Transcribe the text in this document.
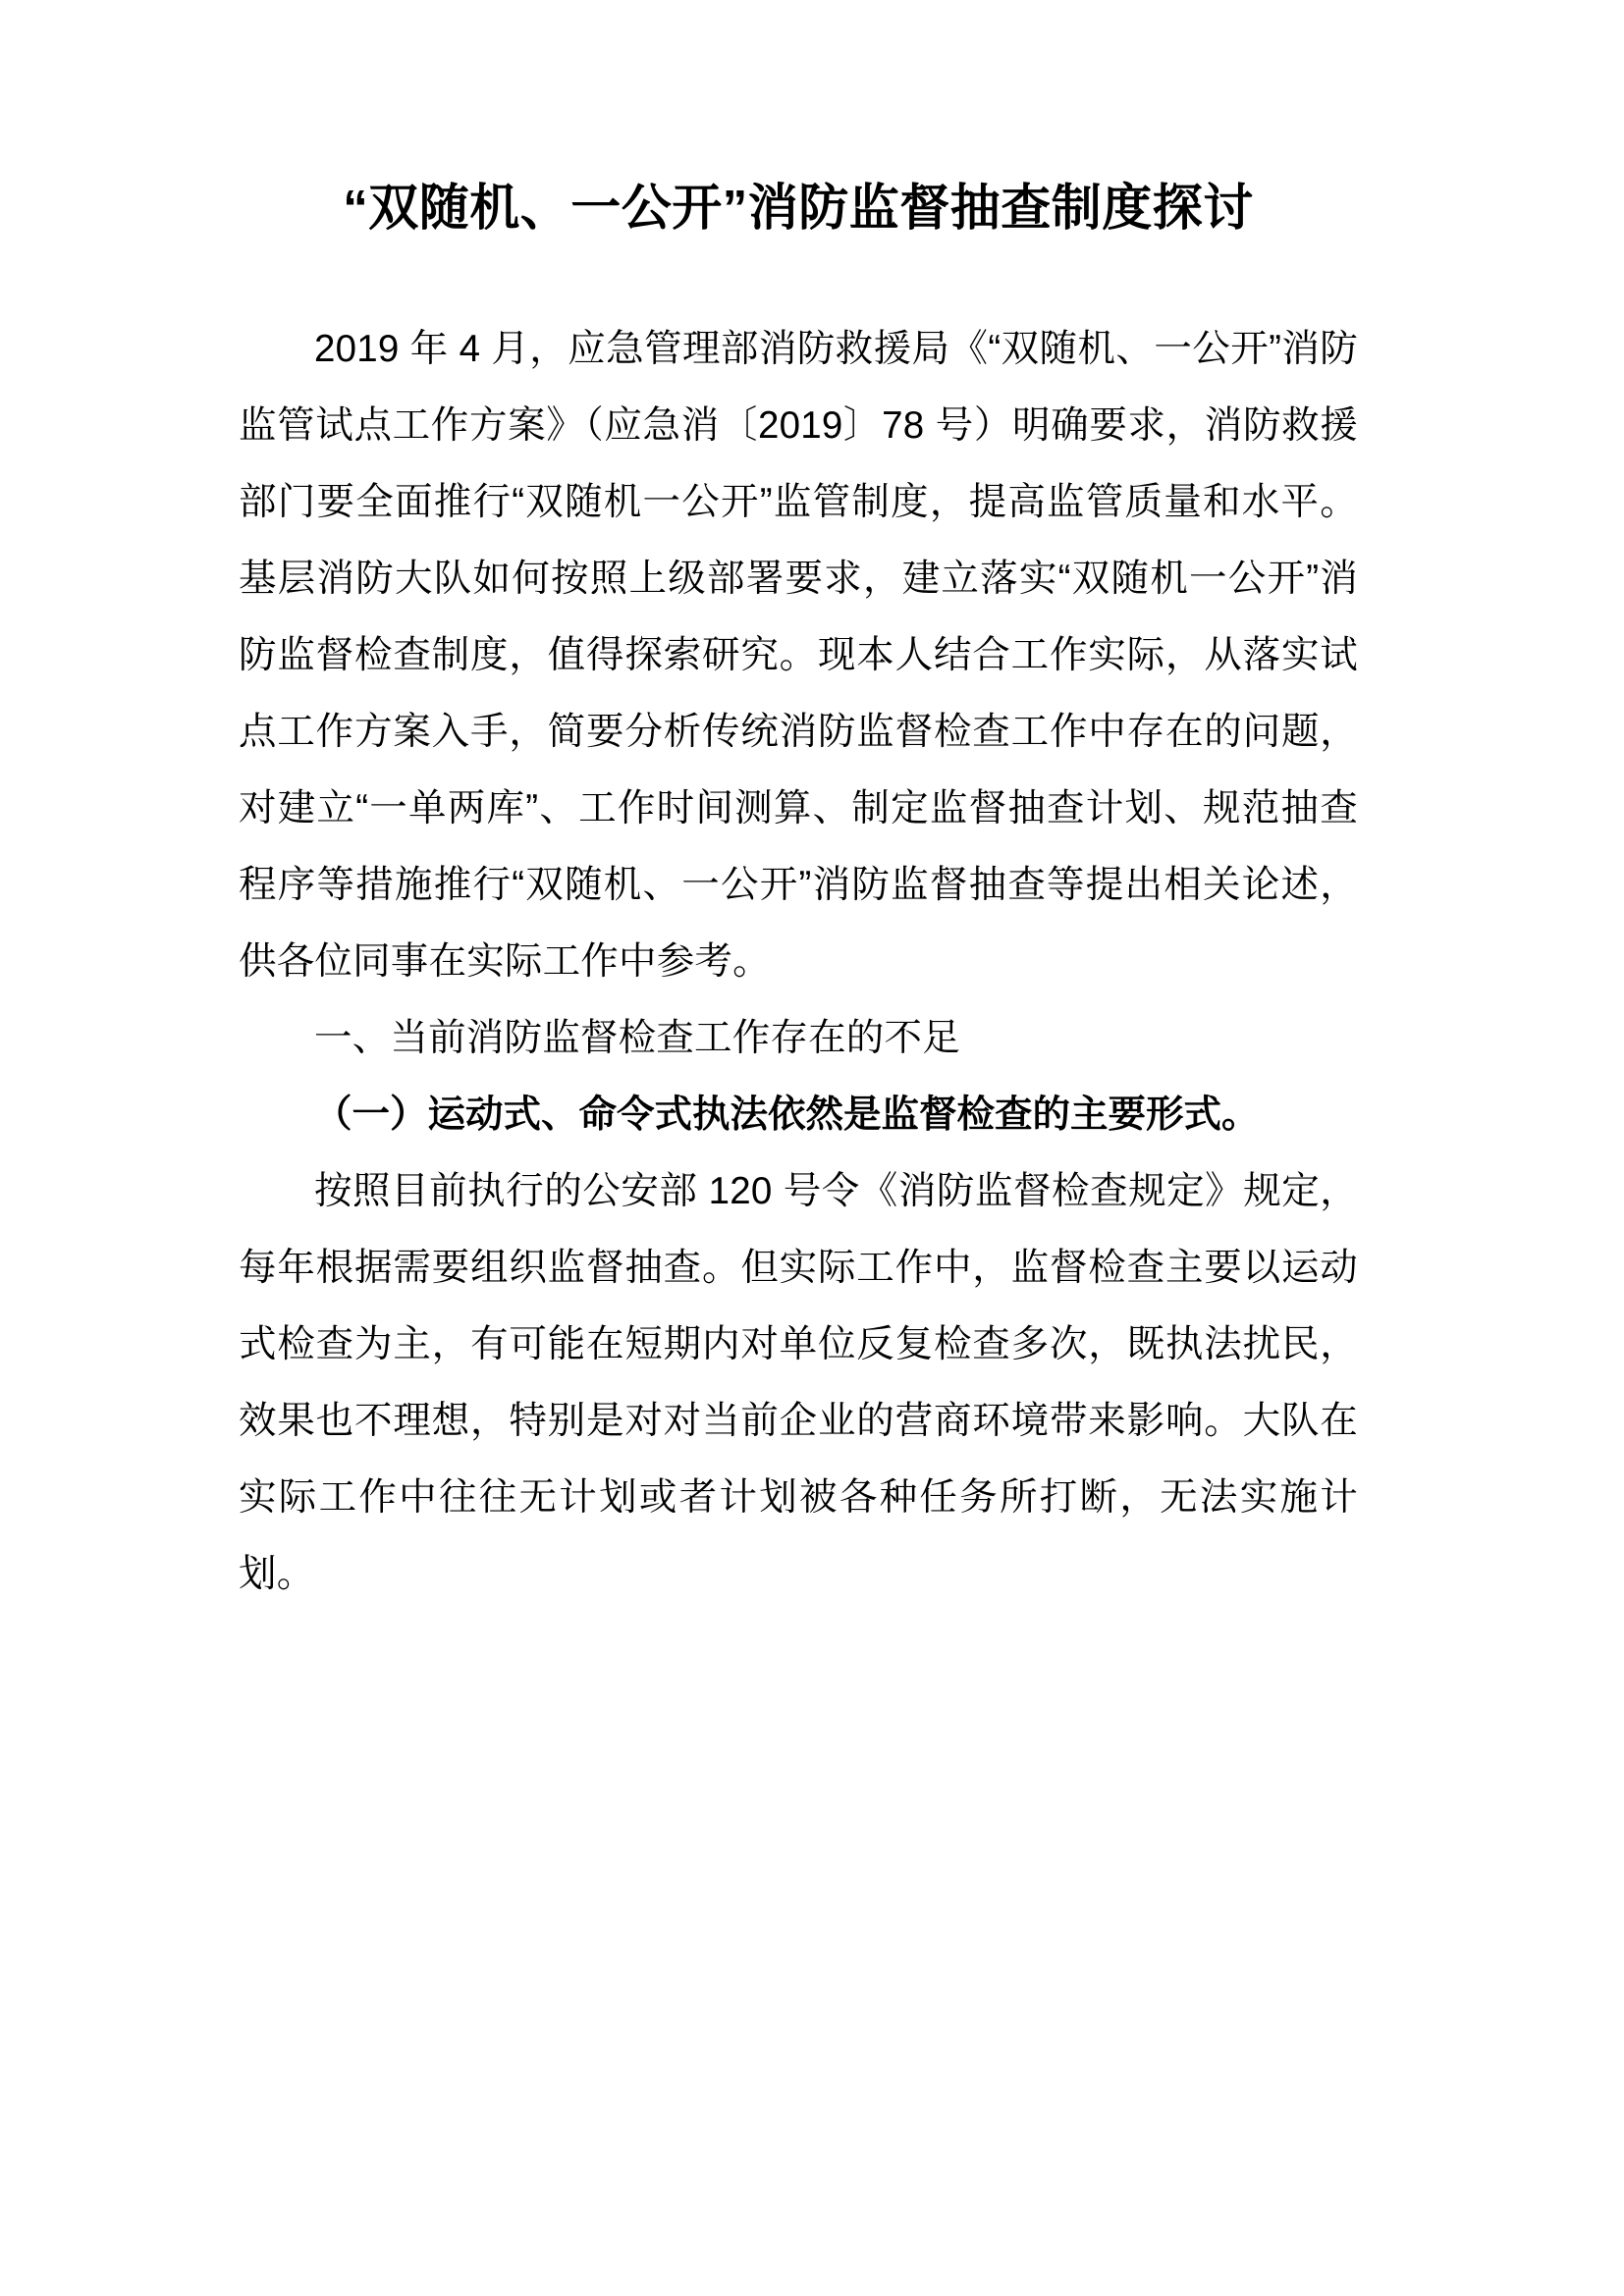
“双随机、一公开”消防监督抽查制度探讨

2019 年 4 月，应急管理部消防救援局《“双随机、一公开”消防监管试点工作方案》（应急消〔2019〕78 号）明确要求，消防救援部门要全面推行“双随机一公开”监管制度，提高监管质量和水平。基层消防大队如何按照上级部署要求，建立落实“双随机一公开”消防监督检查制度，值得探索研究。现本人结合工作实际，从落实试点工作方案入手，简要分析传统消防监督检查工作中存在的问题，对建立“一单两库”、工作时间测算、制定监督抽查计划、规范抽查程序等措施推行“双随机、一公开”消防监督抽查等提出相关论述，供各位同事在实际工作中参考。

一、当前消防监督检查工作存在的不足

（一）运动式、命令式执法依然是监督检查的主要形式。

按照目前执行的公安部 120 号令《消防监督检查规定》规定，每年根据需要组织监督抽查。但实际工作中，监督检查主要以运动式检查为主，有可能在短期内对单位反复检查多次，既执法扰民，效果也不理想，特别是对对当前企业的营商环境带来影响。大队在实际工作中往往无计划或者计划被各种任务所打断，无法实施计划。
